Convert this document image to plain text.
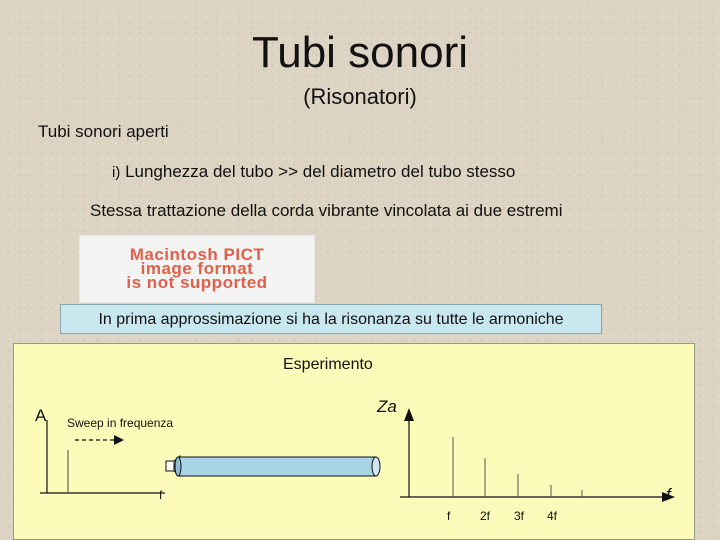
Tubi sonori
(Risonatori)
Tubi sonori aperti
i) Lunghezza del tubo >> del diametro del tubo stesso
Stessa trattazione della corda vibrante vincolata ai due estremi
Macintosh PICT
image format
is not supported
In prima approssimazione si ha la risonanza su tutte le armoniche
Esperimento
A Sweep in frequenza
Za
f	f
f 2f 3f 4f
